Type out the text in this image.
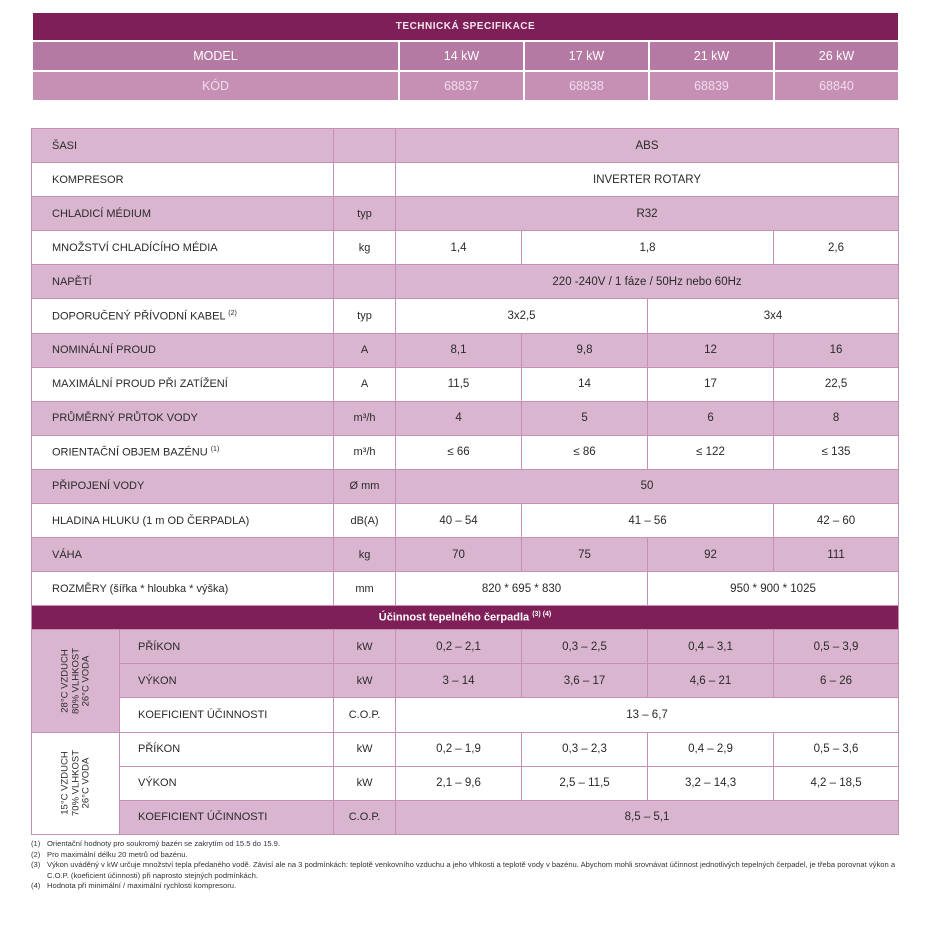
TECHNICKÁ SPECIFIKACE				
MODEL	14 kW	17 kW	21 kW	26 kW
KÓD	68837	68838	68839	68840
ŠASI			ABS			
KOMPRESOR			INVERTER ROTARY			
CHLADICÍ MÉDIUM		typ	R32			
MNOŽSTVÍ CHLADÍCÍHO MÉDIA		kg	1,4	1,8		2,6
NAPĚTÍ			220 -240V / 1 fáze / 50Hz nebo 60Hz			
DOPORUČENÝ PŘÍVODNÍ KABEL $^{(2)}$		typ	3x2,5		3x4	
NOMINÁLNÍ PROUD		A	8,1	9,8	12	16
MAXIMÁLNÍ PROUD PŘI ZATÍŽENÍ		A	11,5	14	17	22,5
PRŮMĚRNÝ PRŮTOK VODY		m³/h	4	5	6	8
ORIENTAČNÍ OBJEM BAZÉNU $^{(1)}$		m³/h	≤ 66	≤ 86	≤ 122	≤ 135
PŘIPOJENÍ VODY		Ø mm	50			
HLADINA HLUKU (1 m OD ČERPADLA)		dB(A)	40 – 54	41 – 56		42 – 60
VÁHA		kg	70	75	92	111
ROZMĚRY (šířka * hloubka * výška)		mm	820 * 695 * 830		950 * 900 * 1025	
Účinnost tepelného čerpadla $^{(3) (4)}$

28°C VZDUCH 80% VLHKOST 26°C VODA	PŘÍKON	kW	0,2 – 2,1	0,3 – 2,5	0,4 – 3,1	0,5 – 3,9
	VÝKON	kW	3 – 14	3,6 – 17	4,6 – 21	6 – 26
	KOEFICIENT ÚČINNOSTI	C.O.P.	13 – 6,7			

15°C VZDUCH 70% VLHKOST 26°C VODA	PŘÍKON	kW	0,2 – 1,9	0,3 – 2,3	0,4 – 2,9	0,5 – 3,6
	VÝKON	kW	2,1 – 9,6	2,5 – 11,5	3,2 – 14,3	4,2 – 18,5
	KOEFICIENT ÚČINNOSTI	C.O.P.	8,5 – 5,1			
(1) Orientační hodnoty pro soukromý bazén se zakrytím od 15.5 do 15.9.
(2) Pro maximální délku 20 metrů od bazénu.
(3) Výkon uváděný v kW určuje množství tepla předaného vodě. Závisí ale na 3 podmínkách: teplotě venkovního vzduchu a jeho vlhkosti a teplotě vody v bazénu. Abychom mohli srovnávat účinnost jednotlivých tepelných čerpadel, je třeba porovnat výkon a C.O.P. (koeficient účinnosti) při naprosto stejných podmínkách.
(4) Hodnota při minimální / maximální rychlosti kompresoru.
